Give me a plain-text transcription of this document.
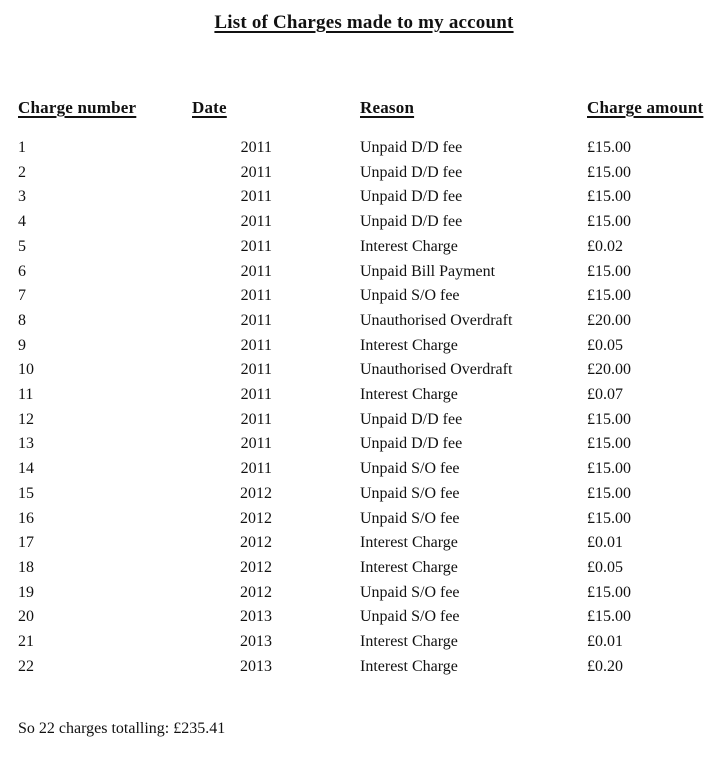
List of Charges made to my account
Charge number	Date	Reason	Charge amount
1	2011	Unpaid D/D fee	£15.00
2	2011	Unpaid D/D fee	£15.00
3	2011	Unpaid D/D fee	£15.00
4	2011	Unpaid D/D fee	£15.00
5	2011	Interest Charge	£0.02
6	2011	Unpaid Bill Payment	£15.00
7	2011	Unpaid S/O fee	£15.00
8	2011	Unauthorised Overdraft	£20.00
9	2011	Interest Charge	£0.05
10	2011	Unauthorised Overdraft	£20.00
11	2011	Interest Charge	£0.07
12	2011	Unpaid D/D fee	£15.00
13	2011	Unpaid D/D fee	£15.00
14	2011	Unpaid S/O fee	£15.00
15	2012	Unpaid S/O fee	£15.00
16	2012	Unpaid S/O fee	£15.00
17	2012	Interest Charge	£0.01
18	2012	Interest Charge	£0.05
19	2012	Unpaid S/O fee	£15.00
20	2013	Unpaid S/O fee	£15.00
21	2013	Interest Charge	£0.01
22	2013	Interest Charge	£0.20

So 22 charges totalling: £235.41
